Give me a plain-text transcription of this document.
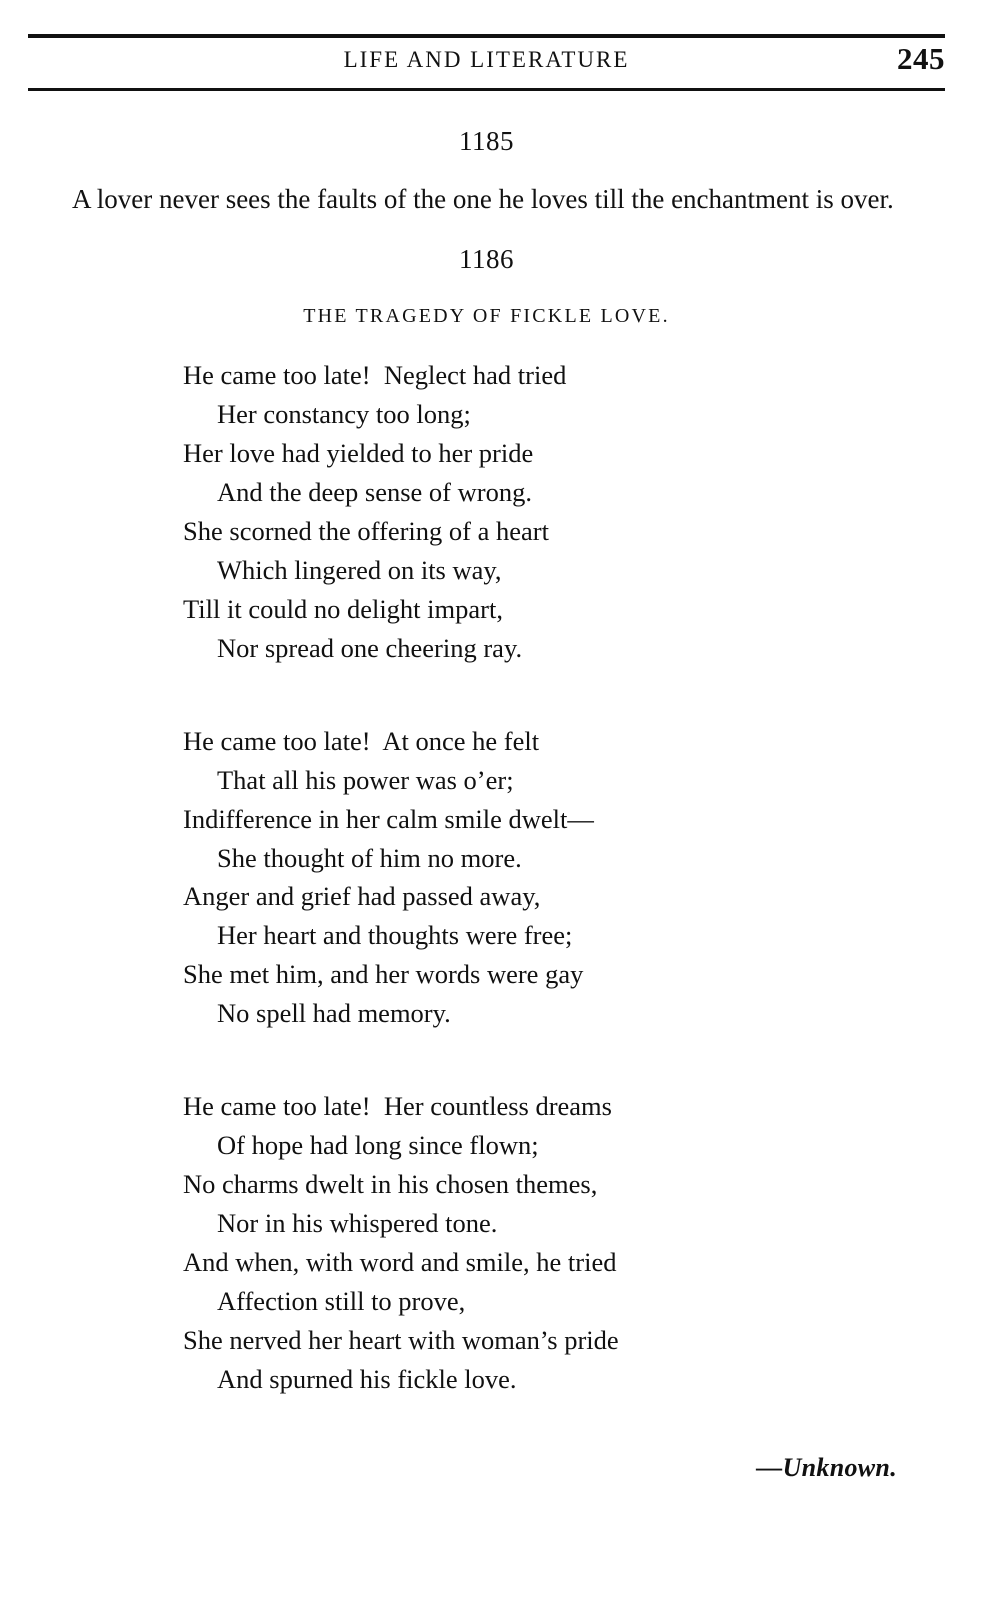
LIFE AND LITERATURE	245
1185

A lover never sees the faults of the one he loves till the enchantment is over.

1186
THE TRAGEDY OF FICKLE LOVE.
He came too late!  Neglect had tried
Her constancy too long;
Her love had yielded to her pride
And the deep sense of wrong.
She scorned the offering of a heart
Which lingered on its way,
Till it could no delight impart,
Nor spread one cheering ray.
He came too late!  At once he felt
That all his power was o’er;
Indifference in her calm smile dwelt—
She thought of him no more.
Anger and grief had passed away,
Her heart and thoughts were free;
She met him, and her words were gay
No spell had memory.
He came too late!  Her countless dreams
Of hope had long since flown;
No charms dwelt in his chosen themes,
Nor in his whispered tone.
And when, with word and smile, he tried
Affection still to prove,
She nerved her heart with woman’s pride
And spurned his fickle love.
—Unknown.
